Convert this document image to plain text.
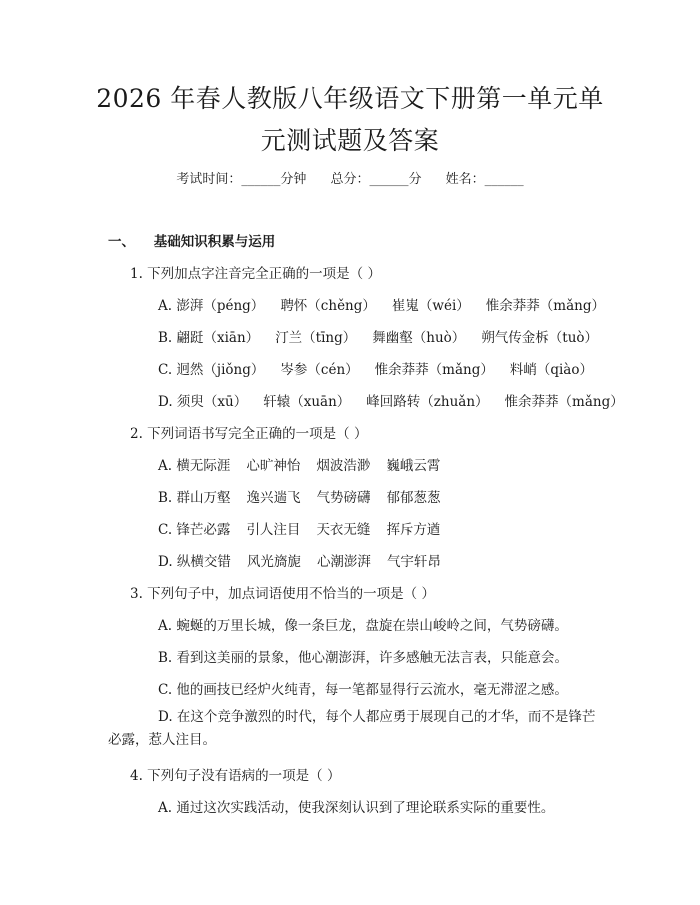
2026 年春人教版八年级语文下册第一单元单
元测试题及答案
考试时间：______分钟 总分：______分 姓名：______
一、 基础知识积累与运用
1. 下列加点字注音完全正确的一项是（ ）
A. 澎湃（péng） 聘怀（chěng） 崔嵬（wéi） 惟余莽莽（mǎng）
B. 翩跹（xiān） 汀兰（tīng） 舞幽壑（huò） 朔气传金柝（tuò）
C. 迥然（jiǒng） 岑参（cén） 惟余莽莽（mǎng） 料峭（qiào）
D. 须臾（xū） 轩辕（xuān） 峰回路转（zhuǎn） 惟余莽莽（mǎng）
2. 下列词语书写完全正确的一项是（ ）
A. 横无际涯 心旷神怡 烟波浩渺 巍峨云霄
B. 群山万壑 逸兴遄飞 气势磅礴 郁郁葱葱
C. 锋芒必露 引人注目 天衣无缝 挥斥方遒
D. 纵横交错 风光旖旎 心潮澎湃 气宇轩昂
3. 下列句子中，加点词语使用不恰当的一项是（ ）
A. 蜿蜒的万里长城，像一条巨龙，盘旋在崇山峻岭之间，气势磅礴。
B. 看到这美丽的景象，他心潮澎湃，许多感触无法言表，只能意会。
C. 他的画技已经炉火纯青，每一笔都显得行云流水，毫无滞涩之感。
D. 在这个竞争激烈的时代，每个人都应勇于展现自己的才华，而不是锋芒必露，惹人注目。
4. 下列句子没有语病的一项是（ ）
A. 通过这次实践活动，使我深刻认识到了理论联系实际的重要性。
